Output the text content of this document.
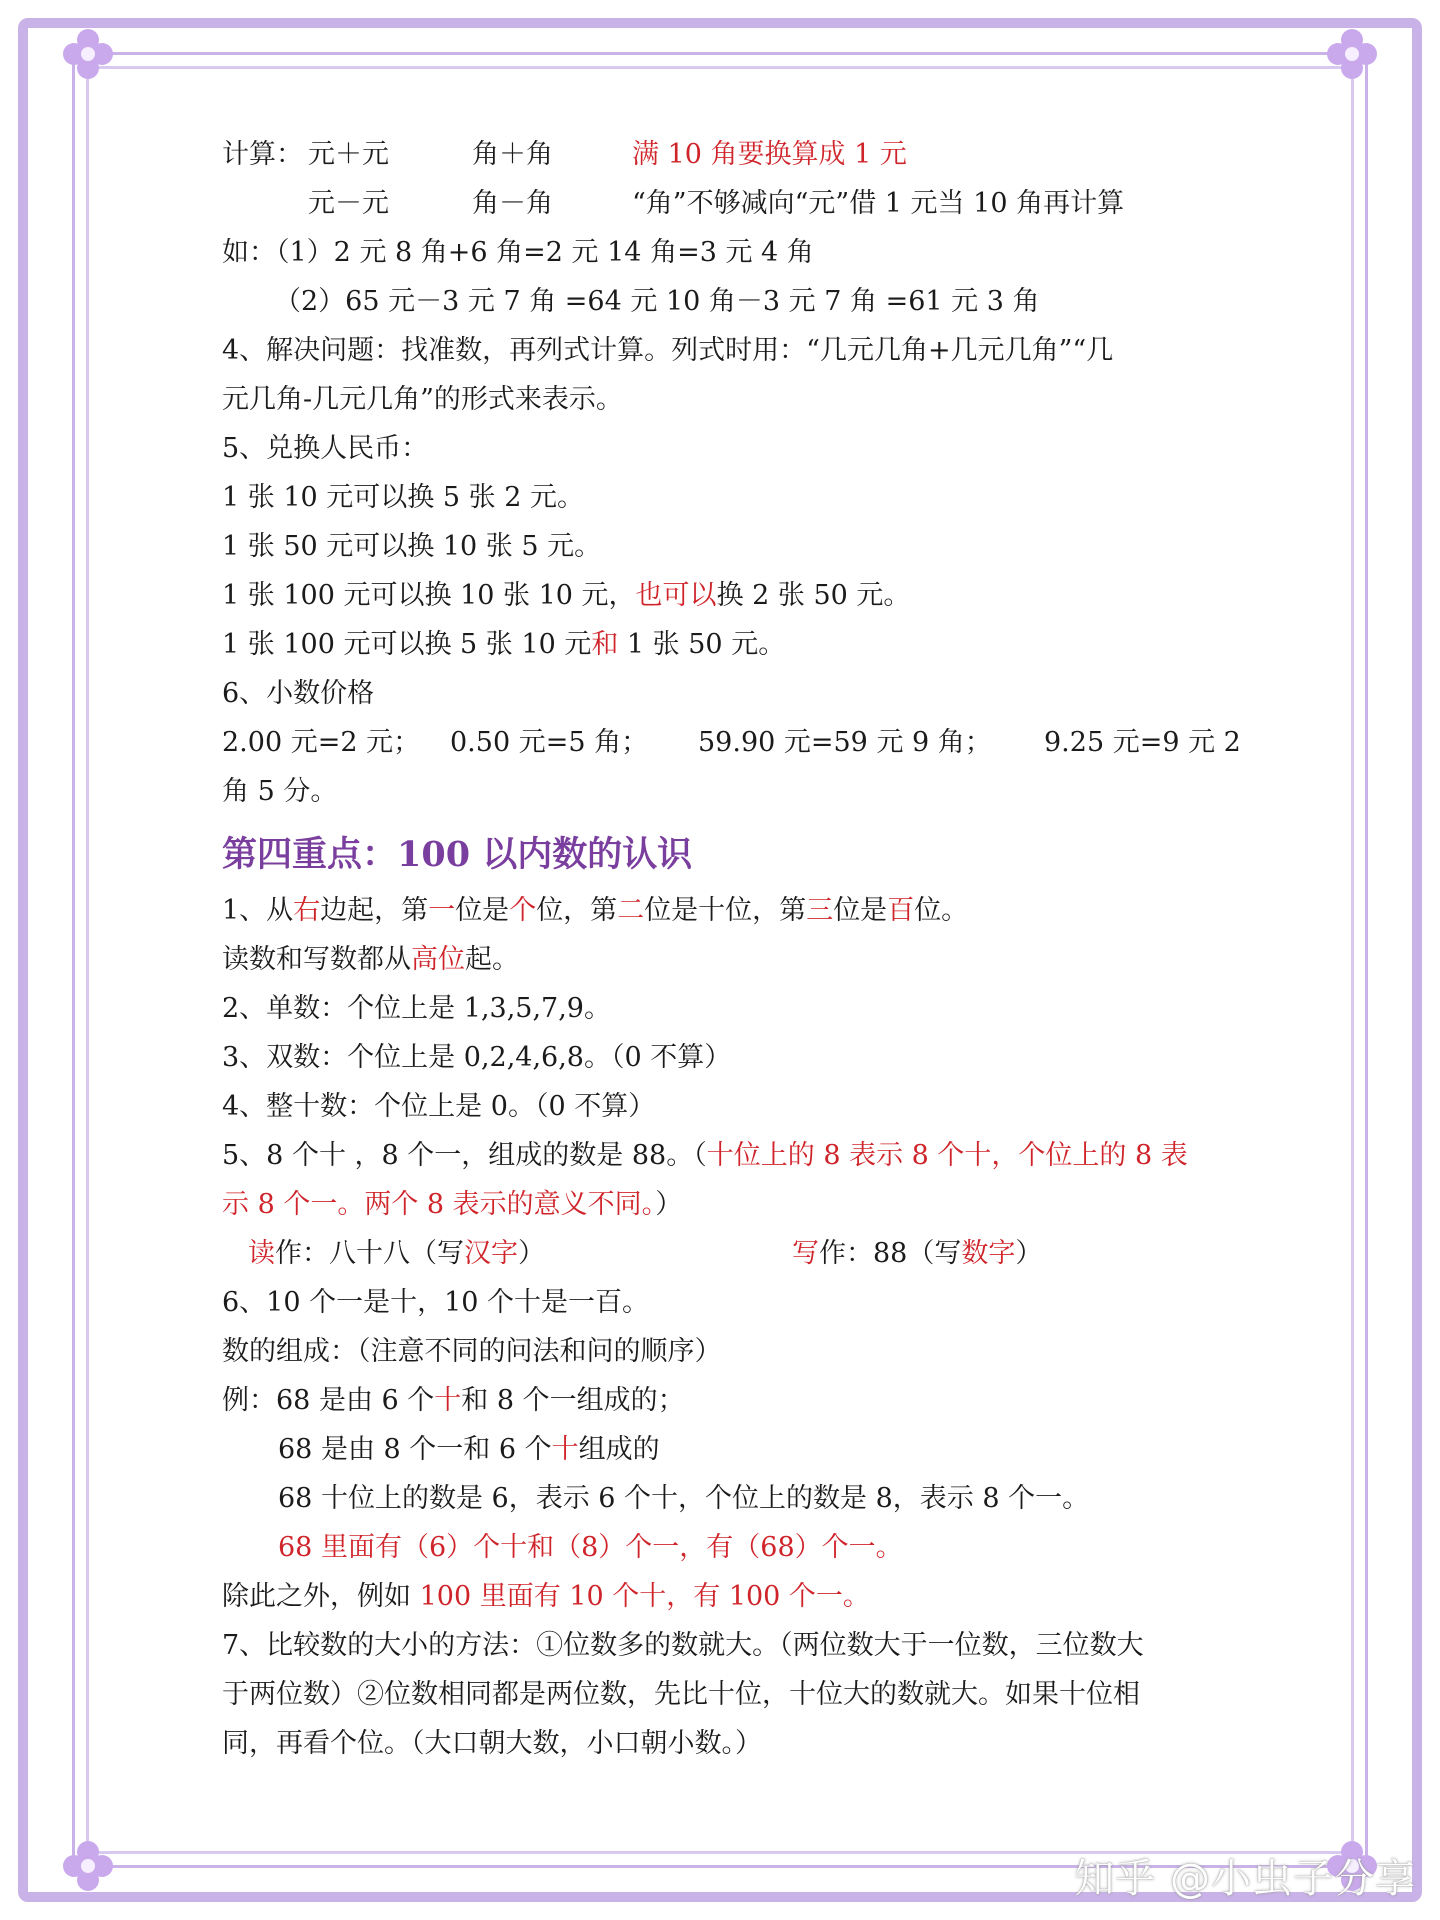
计算： 元＋元	角＋角	满 10 角要换算成 1 元
元－元	角－角	“角”不够减向“元”借 1 元当 10 角再计算
如：（1）2 元 8 角+6 角=2 元 14 角=3 元 4 角
（2）65 元－3 元 7 角 =64 元 10 角－3 元 7 角 =61 元 3 角
4、解决问题：找准数，再列式计算。列式时用：“几元几角+几元几角”“几
元几角-几元几角”的形式来表示。
5、兑换人民币：
1 张 10 元可以换 5 张 2 元。
1 张 50 元可以换 10 张 5 元。
1 张 100 元可以换 10 张 10 元，也可以换 2 张 50 元。
1 张 100 元可以换 5 张 10 元和 1 张 50 元。
6、小数价格
2.00 元=2 元； 0.50 元=5 角； 59.90 元=59 元 9 角； 9.25 元=9 元 2
角 5 分。
第四重点：100 以内数的认识
1、从右边起，第一位是个位，第二位是十位，第三位是百位。
读数和写数都从高位起。
2、单数：个位上是 1,3,5,7,9。
3、双数：个位上是 0,2,4,6,8。（0 不算）
4、整十数：个位上是 0。（0 不算）
5、8 个十 ，8 个一，组成的数是 88。（十位上的 8 表示 8 个十，个位上的 8 表
示 8 个一。两个 8 表示的意义不同。）
读作：八十八（写汉字）	写作：88（写数字）
6、10 个一是十，10 个十是一百。
数的组成：（注意不同的问法和问的顺序）
例：68 是由 6 个十和 8 个一组成的；
68 是由 8 个一和 6 个十组成的
68 十位上的数是 6，表示 6 个十，个位上的数是 8，表示 8 个一。
68 里面有（6）个十和（8）个一，有（68）个一。
除此之外，例如 100 里面有 10 个十，有 100 个一。
7、比较数的大小的方法：①位数多的数就大。（两位数大于一位数，三位数大
于两位数）②位数相同都是两位数，先比十位，十位大的数就大。如果十位相
同，再看个位。（大口朝大数，小口朝小数。）
知乎 @小虫子分享
